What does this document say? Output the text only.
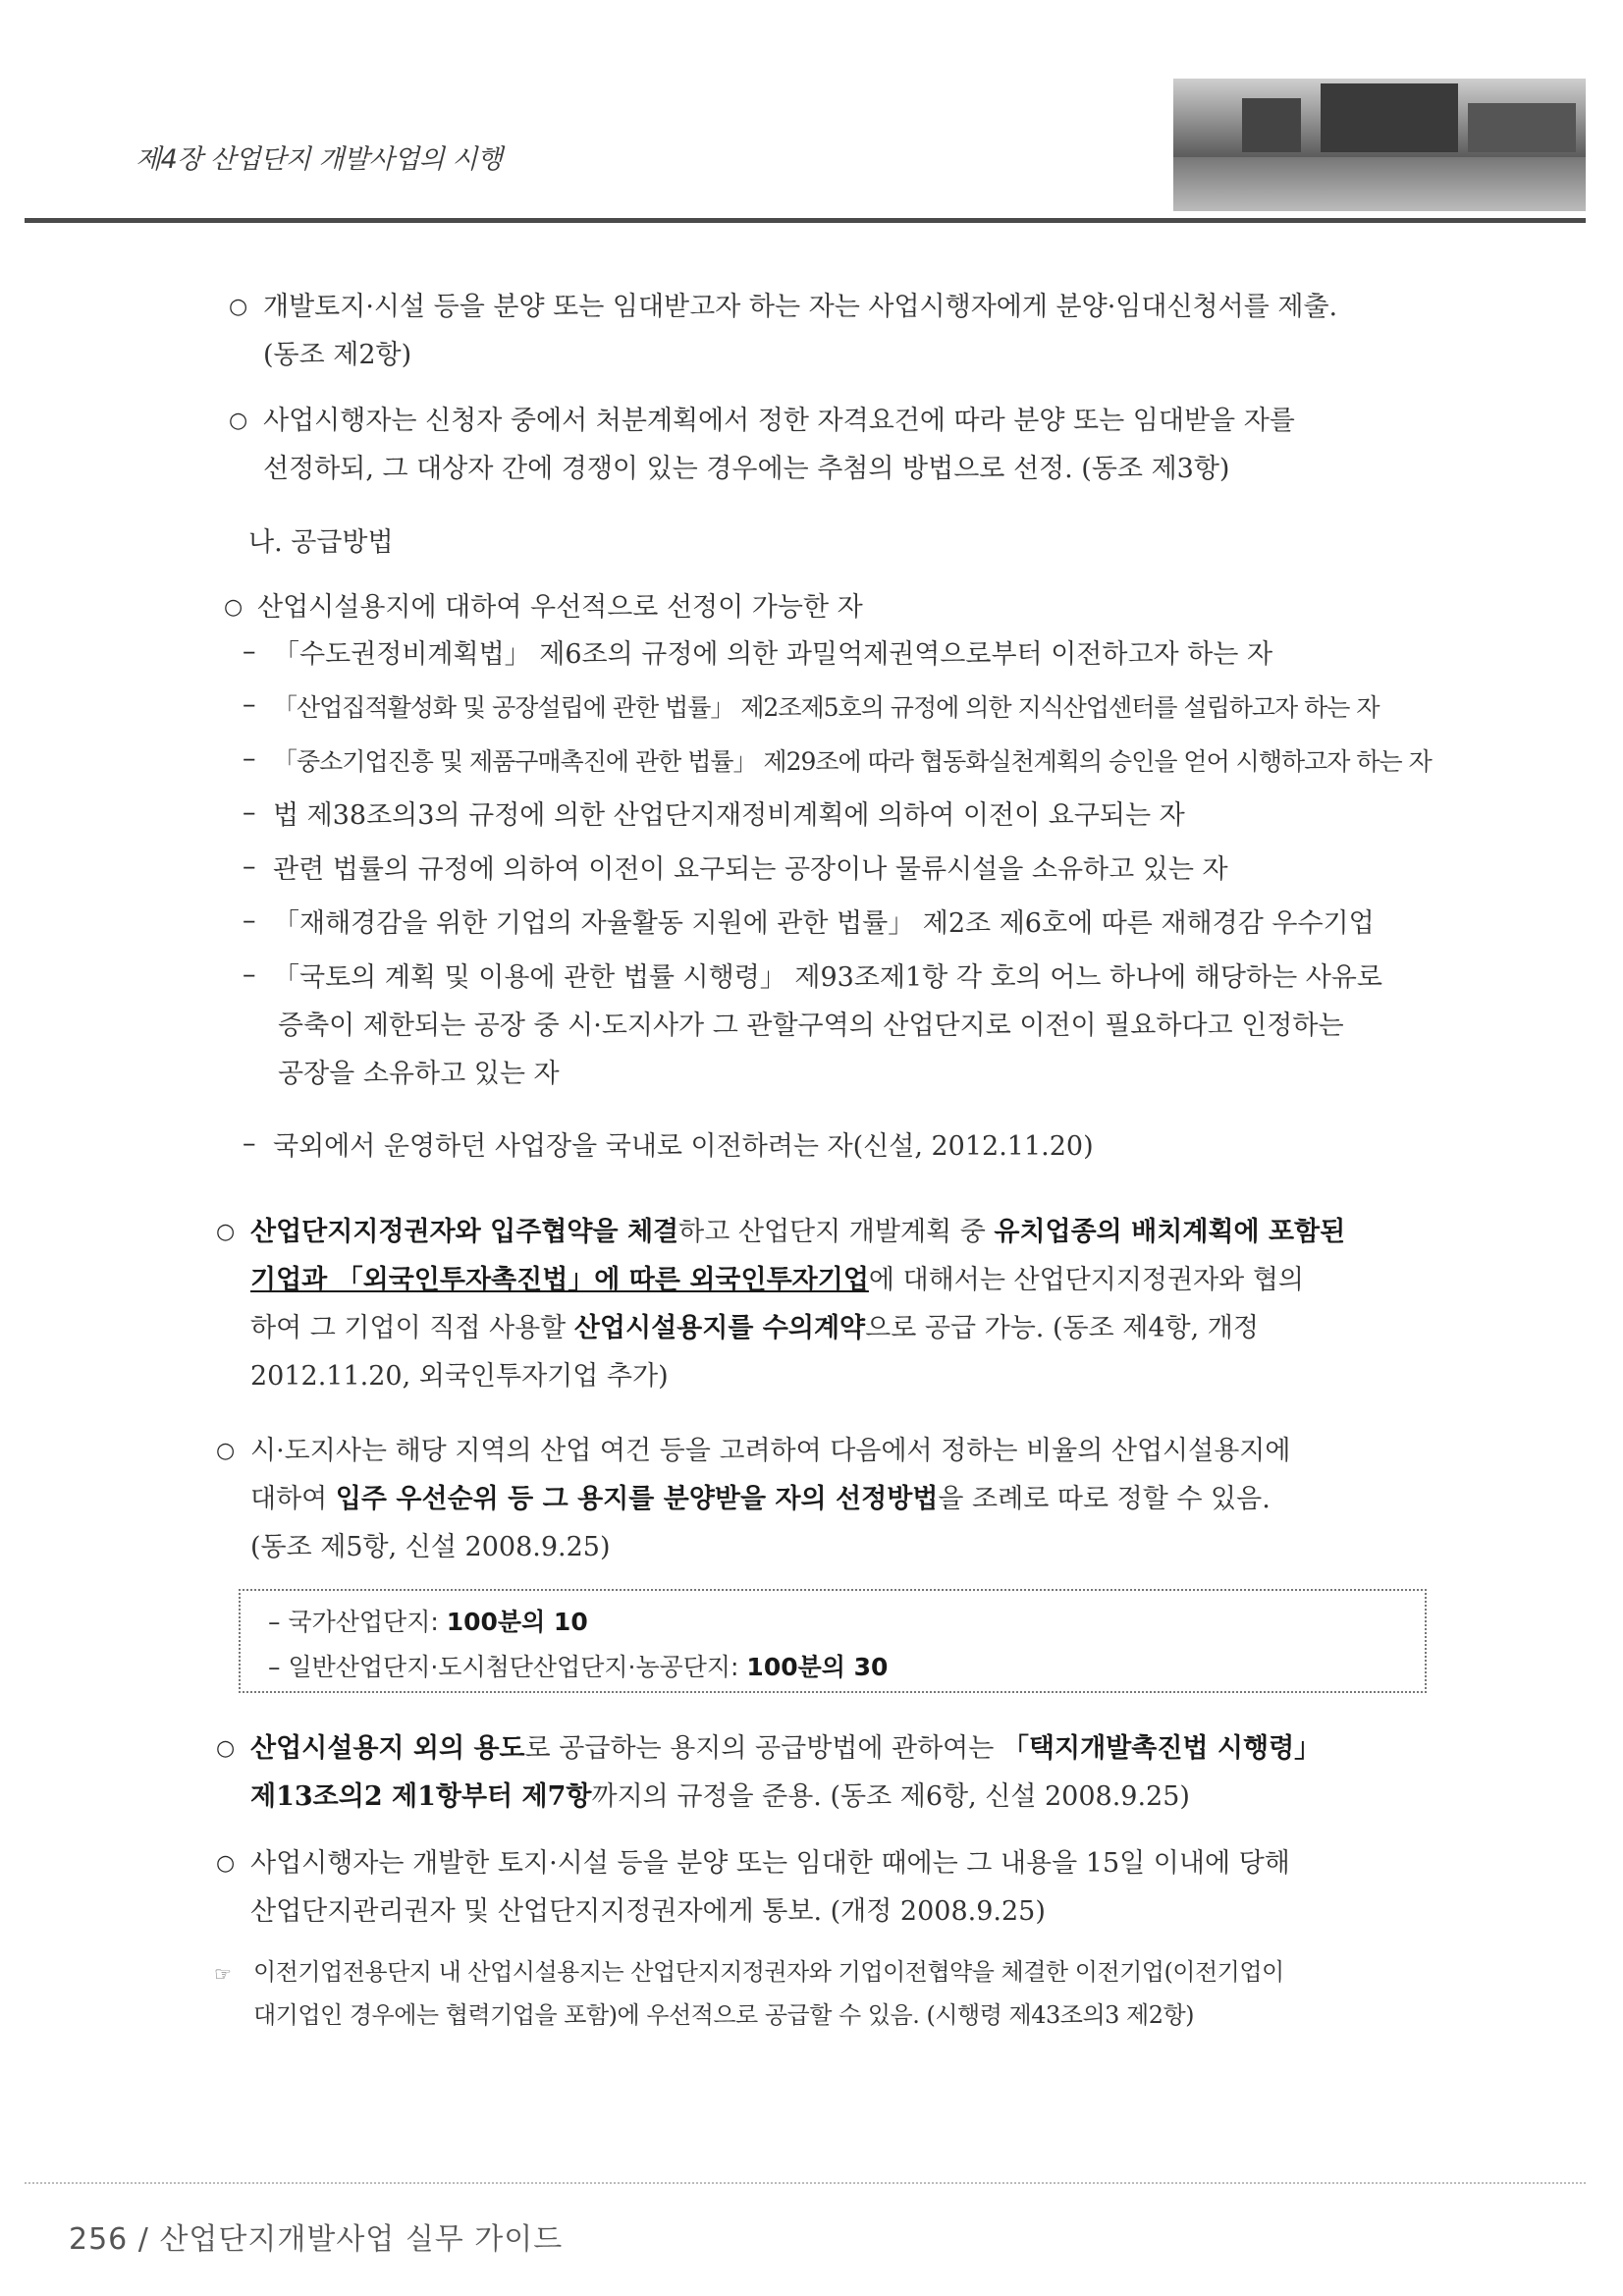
제4장 산업단지 개발사업의 시행
○ 개발토지·시설 등을 분양 또는 임대받고자 하는 자는 사업시행자에게 분양·임대신청서를 제출.
(동조 제2항)
○ 사업시행자는 신청자 중에서 처분계획에서 정한 자격요건에 따라 분양 또는 임대받을 자를
선정하되, 그 대상자 간에 경쟁이 있는 경우에는 추첨의 방법으로 선정. (동조 제3항)
나. 공급방법
○ 산업시설용지에 대하여 우선적으로 선정이 가능한 자
– 「수도권정비계획법」 제6조의 규정에 의한 과밀억제권역으로부터 이전하고자 하는 자
– 「산업집적활성화 및 공장설립에 관한 법률」 제2조제5호의 규정에 의한 지식산업센터를 설립하고자 하는 자
– 「중소기업진흥 및 제품구매촉진에 관한 법률」 제29조에 따라 협동화실천계획의 승인을 얻어 시행하고자 하는 자
– 법 제38조의3의 규정에 의한 산업단지재정비계획에 의하여 이전이 요구되는 자
– 관련 법률의 규정에 의하여 이전이 요구되는 공장이나 물류시설을 소유하고 있는 자
– 「재해경감을 위한 기업의 자율활동 지원에 관한 법률」 제2조 제6호에 따른 재해경감 우수기업
– 「국토의 계획 및 이용에 관한 법률 시행령」 제93조제1항 각 호의 어느 하나에 해당하는 사유로
증축이 제한되는 공장 중 시·도지사가 그 관할구역의 산업단지로 이전이 필요하다고 인정하는
공장을 소유하고 있는 자
– 국외에서 운영하던 사업장을 국내로 이전하려는 자(신설, 2012.11.20)
○ 산업단지지정권자와 입주협약을 체결하고 산업단지 개발계획 중 유치업종의 배치계획에 포함된
기업과 「외국인투자촉진법」에 따른 외국인투자기업에 대해서는 산업단지지정권자와 협의
하여 그 기업이 직접 사용할 산업시설용지를 수의계약으로 공급 가능. (동조 제4항, 개정
2012.11.20, 외국인투자기업 추가)
○ 시·도지사는 해당 지역의 산업 여건 등을 고려하여 다음에서 정하는 비율의 산업시설용지에
대하여 입주 우선순위 등 그 용지를 분양받을 자의 선정방법을 조례로 따로 정할 수 있음.
(동조 제5항, 신설 2008.9.25)
– 국가산업단지: 100분의 10
– 일반산업단지·도시첨단산업단지·농공단지: 100분의 30
○ 산업시설용지 외의 용도로 공급하는 용지의 공급방법에 관하여는 「택지개발촉진법 시행령」
제13조의2 제1항부터 제7항까지의 규정을 준용. (동조 제6항, 신설 2008.9.25)
○ 사업시행자는 개발한 토지·시설 등을 분양 또는 임대한 때에는 그 내용을 15일 이내에 당해
산업단지관리권자 및 산업단지지정권자에게 통보. (개정 2008.9.25)
☞ 이전기업전용단지 내 산업시설용지는 산업단지지정권자와 기업이전협약을 체결한 이전기업(이전기업이
대기업인 경우에는 협력기업을 포함)에 우선적으로 공급할 수 있음. (시행령 제43조의3 제2항)
256 / 산업단지개발사업 실무 가이드
